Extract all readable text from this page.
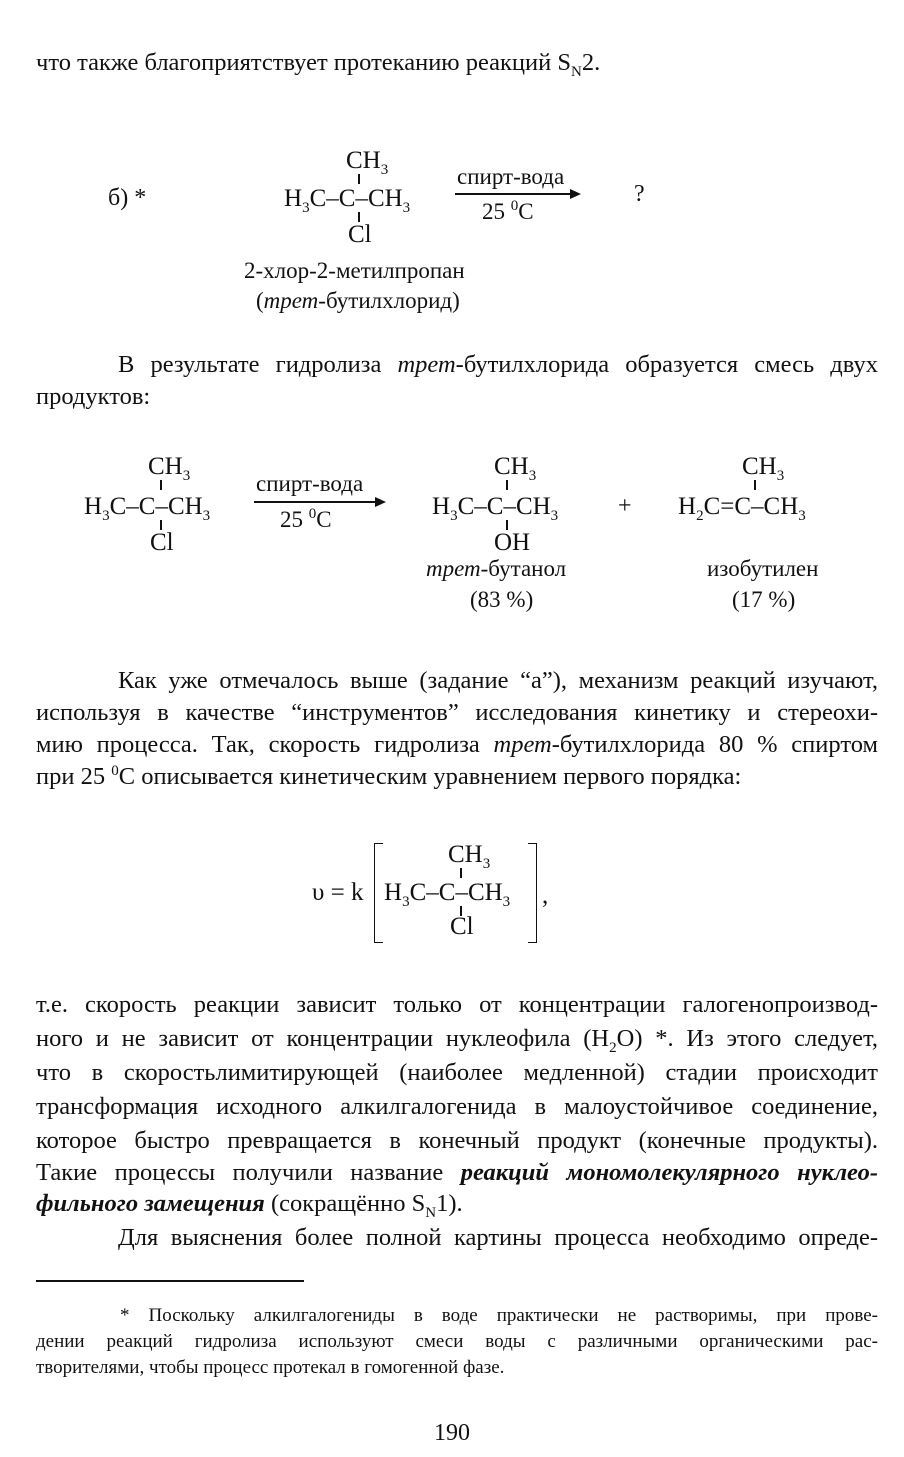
что также благоприятствует протеканию реакций $S_N2$.
б) *
$CH_3$
$H_3C-C-CH_3$
Cl
спирт-вода
25 $^0$C
?
2-хлор-2-метилпропан
(трет-бутилхлорид)
В результате гидролиза трет-бутилхлорида образуется смесь двух
продуктов:
$CH_3$
$H_3C-C-CH_3$
Cl
спирт-вода
25 $^0$C
$CH_3$
$H_3C-C-CH_3$
OH
+
$CH_3$
$H_2C=C-CH_3$
трет-бутанол
(83 %)
изобутилен
(17 %)
Как уже отмечалось выше (задание “а”), механизм реакций изучают,
используя в качестве “инструментов” исследования кинетику и стереохи-
мию процесса. Так, скорость гидролиза трет-бутилхлорида 80 % спиртом
при 25 $^0$С описывается кинетическим уравнением первого порядка:
υ = k
$CH_3$
$H_3C-C-CH_3$
Cl
,
т.е. скорость реакции зависит только от концентрации галогенопроизвод-
ного и не зависит от концентрации нуклеофила $(H_2O)$ *. Из этого следует,
что в скоростьлимитирующей (наиболее медленной) стадии происходит
трансформация исходного алкилгалогенида в малоустойчивое соединение,
которое быстро превращается в конечный продукт (конечные продукты).
Такие процессы получили название реакций мономолекулярного нуклео-
фильного замещения (сокращённо $S_N1$).
Для выяснения более полной картины процесса необходимо опреде-
* Поскольку алкилгалогениды в воде практически не растворимы, при прове-
дении реакций гидролиза используют смеси воды с различными органическими рас-
творителями, чтобы процесс протекал в гомогенной фазе.
190
